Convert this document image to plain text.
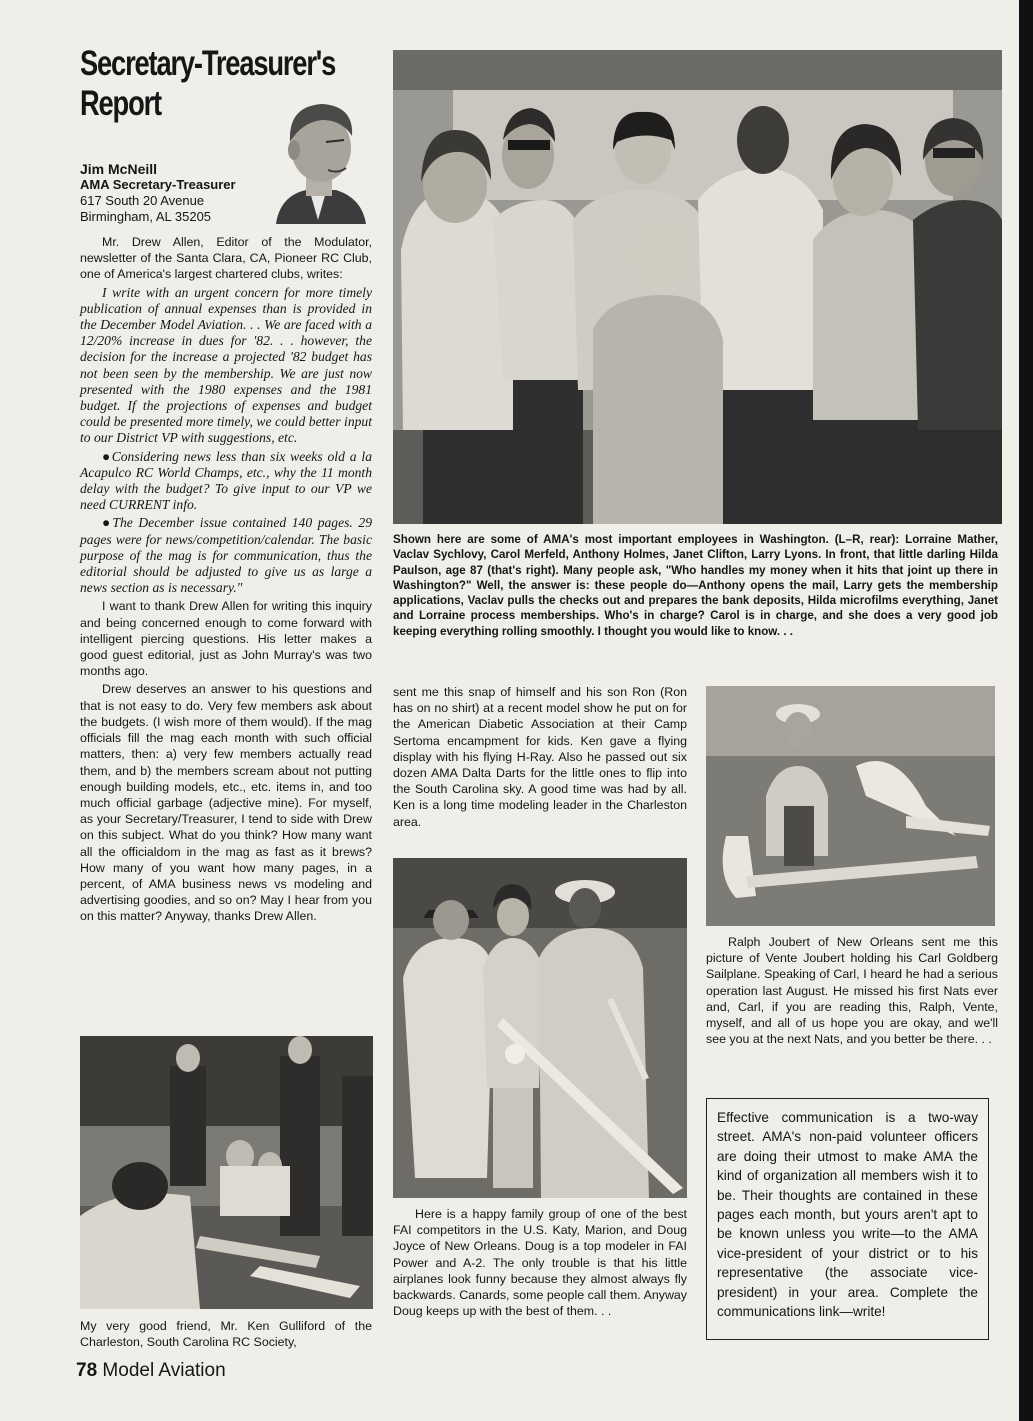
Secretary-Treasurer's
Report
Jim McNeill
AMA Secretary-Treasurer
617 South 20 Avenue
Birmingham, AL 35205

Mr. Drew Allen, Editor of the Modulator, newsletter of the Santa Clara, CA, Pioneer RC Club, one of America's largest chartered clubs, writes:

I write with an urgent concern for more timely publication of annual expenses than is provided in the December Model Aviation. . . We are faced with a 12/20% increase in dues for '82. . . however, the decision for the increase a projected '82 budget has not been seen by the membership. We are just now presented with the 1980 expenses and the 1981 budget. If the projections of expenses and budget could be presented more timely, we could better input to our District VP with suggestions, etc.

●Considering news less than six weeks old a la Acapulco RC World Champs, etc., why the 11 month delay with the budget? To give input to our VP we need CURRENT info.

●The December issue contained 140 pages. 29 pages were for news/competition/calendar. The basic purpose of the mag is for communication, thus the editorial should be adjusted to give us as large a news section as is necessary."

I want to thank Drew Allen for writing this inquiry and being concerned enough to come forward with intelligent piercing questions. His letter makes a good guest editorial, just as John Murray's was two months ago.

Drew deserves an answer to his questions and that is not easy to do. Very few members ask about the budgets. (I wish more of them would). If the mag officials fill the mag each month with such official matters, then: a) very few members actually read them, and b) the members scream about not putting enough building models, etc., etc. items in, and too much official garbage (adjective mine). For myself, as your Secretary/Treasurer, I tend to side with Drew on this subject. What do you think? How many want all the officialdom in the mag as fast as it brews? How many of you want how many pages, in a percent, of AMA business news vs modeling and advertising goodies, and so on? May I hear from you on this matter? Anyway, thanks Drew Allen.

Shown here are some of AMA's most important employees in Washington. (L–R, rear): Lorraine Mather, Vaclav Sychlovy, Carol Merfeld, Anthony Holmes, Janet Clifton, Larry Lyons. In front, that little darling Hilda Paulson, age 87 (that's right). Many people ask, "Who handles my money when it hits that joint up there in Washington?" Well, the answer is: these people do—Anthony opens the mail, Larry gets the membership applications, Vaclav pulls the checks out and prepares the bank deposits, Hilda microfilms everything, Janet and Lorraine process memberships. Who's in charge? Carol is in charge, and she does a very good job keeping everything rolling smoothly. I thought you would like to know. . .
My very good friend, Mr. Ken Gulliford of the Charleston, South Carolina RC Society,
sent me this snap of himself and his son Ron (Ron has on no shirt) at a recent model show he put on for the American Diabetic Association at their Camp Sertoma encampment for kids. Ken gave a flying display with his flying H-Ray. Also he passed out six dozen AMA Dalta Darts for the little ones to flip into the South Carolina sky. A good time was had by all. Ken is a long time modeling leader in the Charleston area.
Here is a happy family group of one of the best FAI competitors in the U.S. Katy, Marion, and Doug Joyce of New Orleans. Doug is a top modeler in FAI Power and A-2. The only trouble is that his little airplanes look funny because they almost always fly backwards. Canards, some people call them. Anyway Doug keeps up with the best of them. . .
Ralph Joubert of New Orleans sent me this picture of Vente Joubert holding his Carl Goldberg Sailplane. Speaking of Carl, I heard he had a serious operation last August. He missed his first Nats ever and, Carl, if you are reading this, Ralph, Vente, myself, and all of us hope you are okay, and we'll see you at the next Nats, and you better be there. . .
Effective communication is a two-way street. AMA's non-paid volunteer officers are doing their utmost to make AMA the kind of organization all members wish it to be. Their thoughts are contained in these pages each month, but yours aren't apt to be known unless you write—to the AMA vice-president of your district or to his representative (the associate vice-president) in your area. Complete the communications link—write!
78 Model Aviation
